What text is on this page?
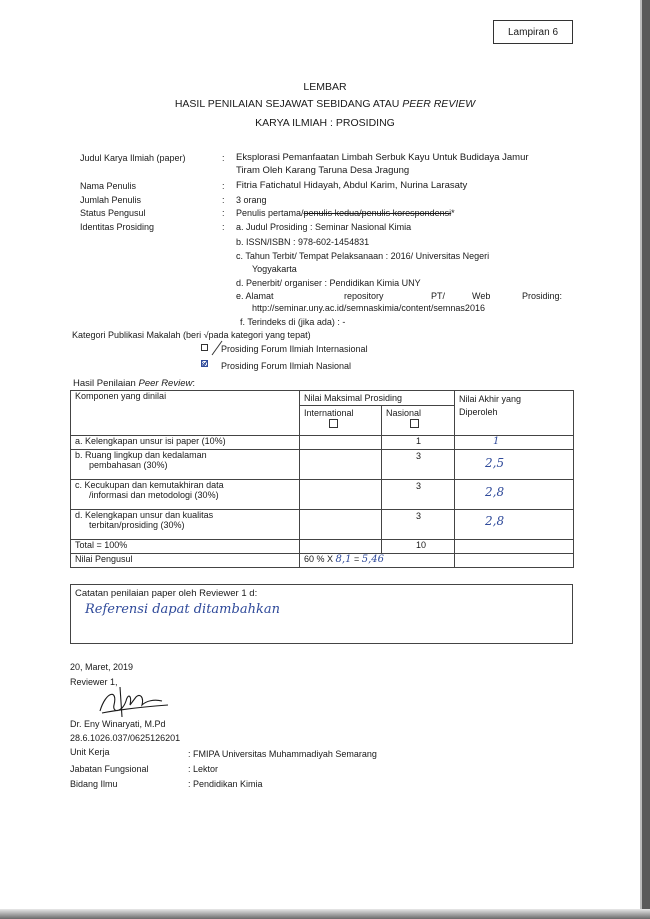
Lampiran 6
LEMBAR
HASIL PENILAIAN SEJAWAT SEBIDANG ATAU PEER REVIEW
KARYA ILMIAH : PROSIDING
Judul Karya Ilmiah (paper)	: Eksplorasi Pemanfaatan Limbah Serbuk Kayu Untuk Budidaya Jamur
Tiram Oleh Karang Taruna Desa Jragung
Nama Penulis	: Fitria Fatichatul Hidayah, Abdul Karim, Nurina Larasaty
Jumlah Penulis	: 3 orang
Status Pengusul	: Penulis pertama/penulis kedua/penulis korespondensi*
Identitas Prosiding	: a. Judul Prosiding : Seminar Nasional Kimia
b. ISSN/ISBN : 978-602-1454831
c. Tahun Terbit/ Tempat Pelaksanaan : 2016/ Universitas Negeri
Yogyakarta
d. Penerbit/ organiser : Pendidikan Kimia UNY
e. Alamat	repository	PT/	Web	Prosiding:
http://seminar.uny.ac.id/semnaskimia/content/semnas2016
f. Terindeks di (jika ada) : -
Kategori Publikasi Makalah (beri √pada kategori yang tepat)
Prosiding Forum Ilmiah Internasional
Prosiding Forum Ilmiah Nasional
Hasil Penilaian Peer Review:
Komponen yang dinilai	Nilai Maksimal Prosiding		Nilai Akhir yang
Diperoleh

	International	Nasional	

a. Kelengkapan unsur isi paper (10%)		1	1

b. Ruang lingkup dan kedalaman
pembahasan (30%)		3	2,5

c. Kecukupan dan kemutakhiran data
/informasi dan metodologi (30%)		3	2,8

d. Kelengkapan unsur dan kualitas
terbitan/prosiding (30%)		3	2,8
Total = 100%		10	
Nilai Pengusul	60 % X 8,1 = 5,46		
Catatan penilaian paper oleh Reviewer 1 d:
Referensi dapat ditambahkan
20, Maret, 2019
Reviewer 1,
Dr. Eny Winaryati, M.Pd
28.6.1026.037/0625126201
Unit Kerja	: FMIPA Universitas Muhammadiyah Semarang
Jabatan Fungsional	: Lektor
Bidang Ilmu	: Pendidikan Kimia
